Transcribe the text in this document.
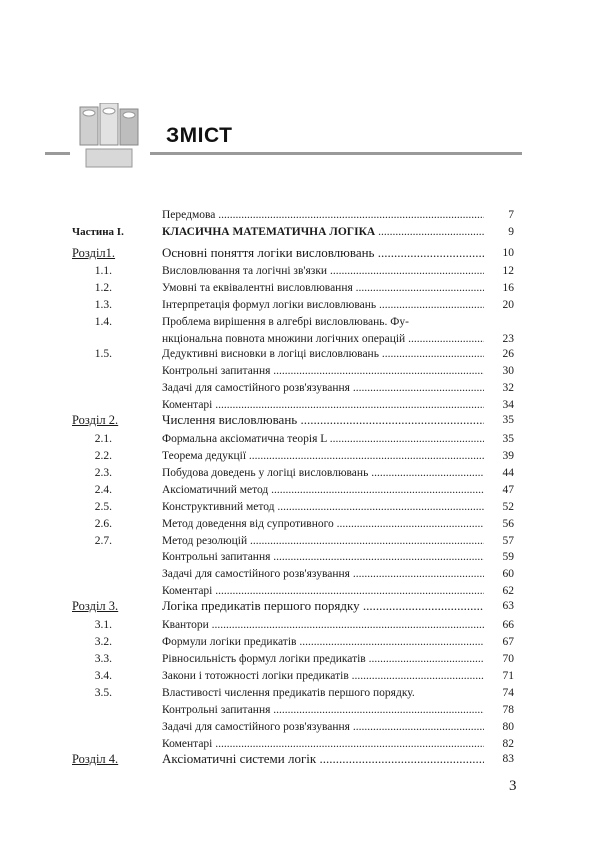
ЗМІСТ
Передмова .....	7
Частина I.	КЛАСИЧНА МАТЕМАТИЧНА ЛОГІКА .....	9
Розділ1.	Основні поняття логіки висловлювань .....	10
1.1.	Висловлювання та логічні зв'язки .....	12
1.2.	Умовні та еквівалентні висловлювання .....	16
1.3.	Інтерпретація формул логіки висловлювань .....	20
1.4.	Проблема вирішення в алгебрі висловлювань. Фу-
нкціональна повнота множини логічних операцій .....	23
1.5.	Дедуктивні висновки в логіці висловлювань .....	26
Контрольні запитання .....	30
Задачі для самостійного розв'язування .....	32
Коментарі .....	34
Розділ 2.	Числення висловлювань .....	35
2.1.	Формальна аксіоматична теорія L .....	35
2.2.	Теорема дедукції .....	39
2.3.	Побудова доведень у логіці висловлювань .....	44
2.4.	Аксіоматичний метод .....	47
2.5.	Конструктивний метод .....	52
2.6.	Метод доведення від супротивного .....	56
2.7.	Метод резолюцій .....	57
Контрольні запитання .....	59
Задачі для самостійного розв'язування .....	60
Коментарі .....	62
Розділ 3.	Логіка предикатів першого порядку .....	63
3.1.	Квантори .....	66
3.2.	Формули логіки предикатів .....	67
3.3.	Рівносильність формул логіки предикатів .....	70
3.4.	Закони і тотожності логіки предикатів .....	71
3.5.	Властивості числення предикатів першого порядку.	74
Контрольні запитання .....	78
Задачі для самостійного розв'язування .....	80
Коментарі .....	82
Розділ 4.	Аксіоматичні системи логік .....	83
3
